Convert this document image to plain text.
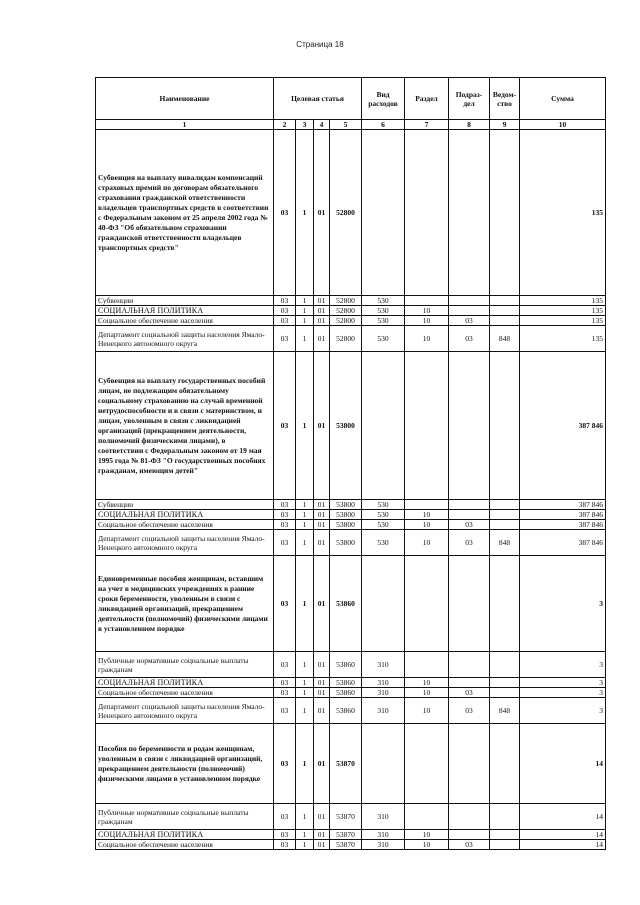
Страница 18
Наименование	Целевая статья				Вид расходов	Раздел	Подраз-дел	Ведом-ство	Сумма
1	2	3	4	5	6	7	8	9	10
Субвенция на выплату инвалидам компенсаций страховых премий по договорам обязательного страхования гражданской ответственности владельцев транспортных средств в соответствии с Федеральным законом от 25 апреля 2002 года № 40-ФЗ "Об обязательном страховании гражданской ответственности владельцев транспортных средств"	03	1	01	52800					135
Субвенции	03	1	01	52800	530				135
СОЦИАЛЬНАЯ ПОЛИТИКА	03	1	01	52800	530	10			135
Социальное обеспечение населения	03	1	01	52800	530	10	03		135
Департамент социальной защиты населения Ямало-Ненецкого автономного округа	03	1	01	52800	530	10	03	848	135
Субвенция на выплату государственных пособий лицам, не подлежащим обязательному социальному страхованию на случай временной нетрудоспособности и в связи с материнством, и лицам, уволенным в связи с ликвидацией организаций (прекращением деятельности, полномочий физическими лицами), в соответствии с Федеральным законом от 19 мая 1995 года № 81-ФЗ "О государственных пособиях гражданам, имеющим детей"	03	1	01	53800					387 846
Субвенции	03	1	01	53800	530				387 846
СОЦИАЛЬНАЯ ПОЛИТИКА	03	1	01	53800	530	10			387 846
Социальное обеспечение населения	03	1	01	53800	530	10	03		387 846
Департамент социальной защиты населения Ямало-Ненецкого автономного округа	03	1	01	53800	530	10	03	848	387 846
Единовременные пособия женщинам, вставшим на учет в медицинских учреждениях в ранние сроки беременности, уволенным в связи с ликвидацией организаций, прекращением деятельности (полномочий) физическими лицами в установленном порядке	03	1	01	53860					3
Публичные нормативные социальные выплаты гражданам	03	1	01	53860	310				3
СОЦИАЛЬНАЯ ПОЛИТИКА	03	1	01	53860	310	10			3
Социальное обеспечение населения	03	1	01	53860	310	10	03		3
Департамент социальной защиты населения Ямало-Ненецкого автономного округа	03	1	01	53860	310	10	03	848	3
Пособия по беременности и родам женщинам, уволенным в связи с ликвидацией организаций, прекращением деятельности (полномочий) физическими лицами в установленном порядке	03	1	01	53870					14
Публичные нормативные социальные выплаты гражданам	03	1	01	53870	310				14
СОЦИАЛЬНАЯ ПОЛИТИКА	03	1	01	53870	310	10			14
Социальное обеспечение населения	03	1	01	53870	310	10	03		14
